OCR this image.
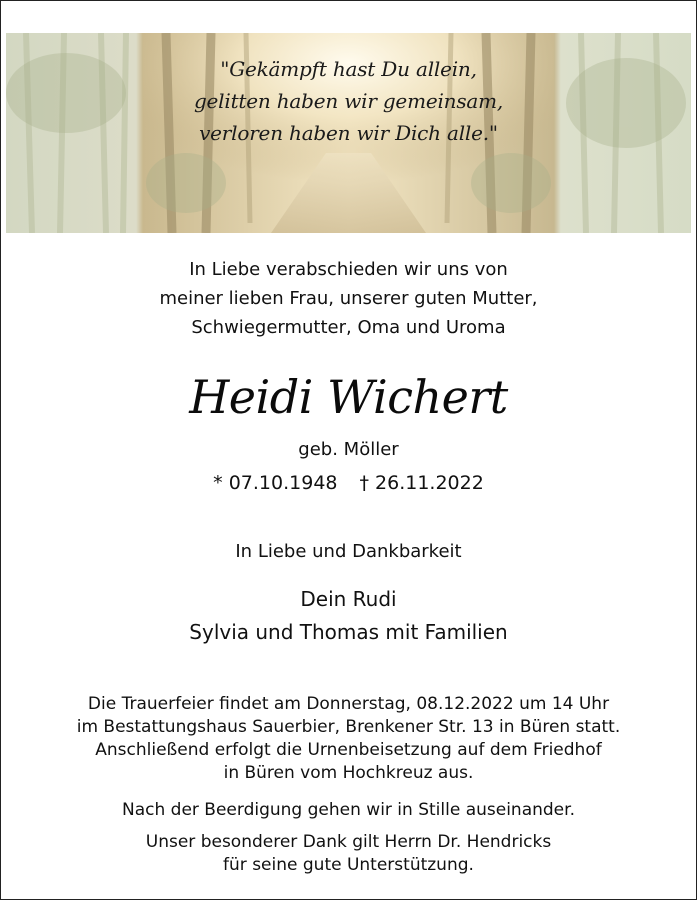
"Gekämpft hast Du allein,
gelitten haben wir gemeinsam,
verloren haben wir Dich alle."
In Liebe verabschieden wir uns von
meiner lieben Frau, unserer guten Mutter,
Schwiegermutter, Oma und Uroma
Heidi Wichert
geb. Möller
* 07.10.1948 † 26.11.2022
In Liebe und Dankbarkeit
Dein Rudi
Sylvia und Thomas mit Familien
Die Trauerfeier findet am Donnerstag, 08.12.2022 um 14 Uhr
im Bestattungshaus Sauerbier, Brenkener Str. 13 in Büren statt.
Anschließend erfolgt die Urnenbeisetzung auf dem Friedhof
in Büren vom Hochkreuz aus.
Nach der Beerdigung gehen wir in Stille auseinander.
Unser besonderer Dank gilt Herrn Dr. Hendricks
für seine gute Unterstützung.
